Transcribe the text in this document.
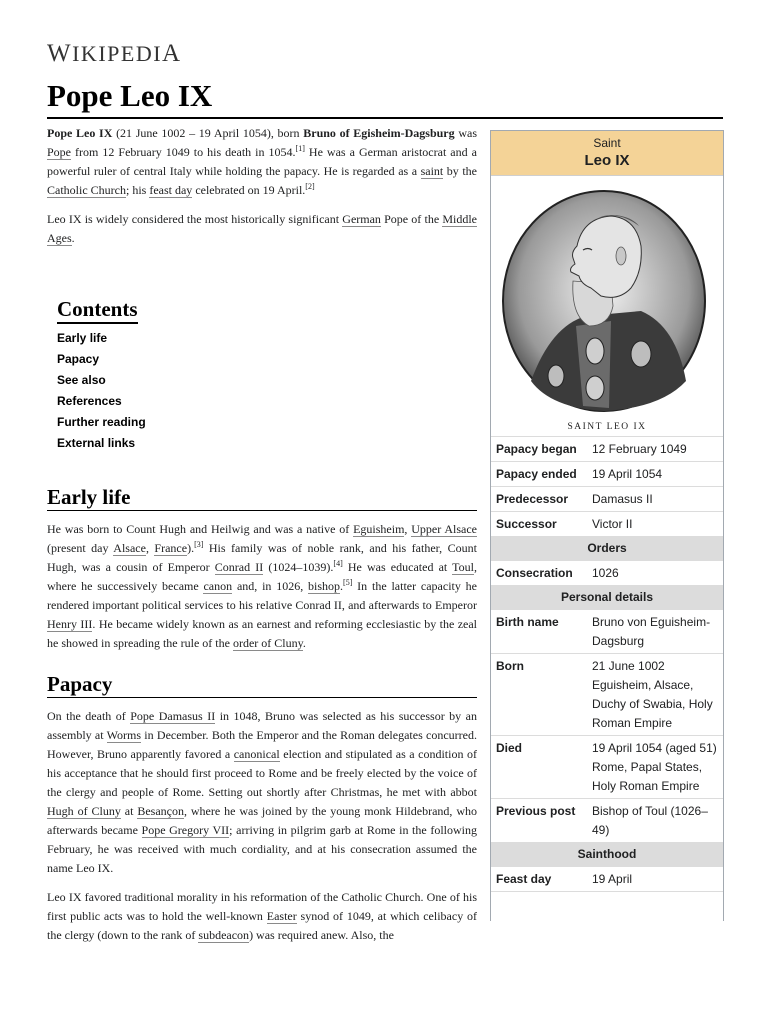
WIKIPEDIA
Pope Leo IX

Pope Leo IX (21 June 1002 – 19 April 1054), born Bruno of Egisheim-Dagsburg was Pope from 12 February 1049 to his death in 1054.[1] He was a German aristocrat and a powerful ruler of central Italy while holding the papacy. He is regarded as a saint by the Catholic Church; his feast day celebrated on 19 April.[2]

Leo IX is widely considered the most historically significant German Pope of the Middle Ages.

Contents
Early life
Papacy
See also
References
Further reading
External links
Early life

He was born to Count Hugh and Heilwig and was a native of Eguisheim, Upper Alsace (present day Alsace, France).[3] His family was of noble rank, and his father, Count Hugh, was a cousin of Emperor Conrad II (1024–1039).[4] He was educated at Toul, where he successively became canon and, in 1026, bishop.[5] In the latter capacity he rendered important political services to his relative Conrad II, and afterwards to Emperor Henry III. He became widely known as an earnest and reforming ecclesiastic by the zeal he showed in spreading the rule of the order of Cluny.

Papacy

On the death of Pope Damasus II in 1048, Bruno was selected as his successor by an assembly at Worms in December. Both the Emperor and the Roman delegates concurred. However, Bruno apparently favored a canonical election and stipulated as a condition of his acceptance that he should first proceed to Rome and be freely elected by the voice of the clergy and people of Rome. Setting out shortly after Christmas, he met with abbot Hugh of Cluny at Besançon, where he was joined by the young monk Hildebrand, who afterwards became Pope Gregory VII; arriving in pilgrim garb at Rome in the following February, he was received with much cordiality, and at his consecration assumed the name Leo IX.

Leo IX favored traditional morality in his reformation of the Catholic Church. One of his first public acts was to hold the well-known Easter synod of 1049, at which celibacy of the clergy (down to the rank of subdeacon) was required anew. Also, the

Saint
Leo IX
SAINT LEO IX
Papacy began	12 February 1049
Papacy ended	19 April 1054
Predecessor	Damasus II
Successor	Victor II
Orders
Consecration	1026
Personal details
Birth name	Bruno von Eguisheim-Dagsburg
Born	21 June 1002 Eguisheim, Alsace, Duchy of Swabia, Holy Roman Empire
Died	19 April 1054 (aged 51) Rome, Papal States, Holy Roman Empire
Previous post	Bishop of Toul (1026–49)
Sainthood
Feast day	19 April
